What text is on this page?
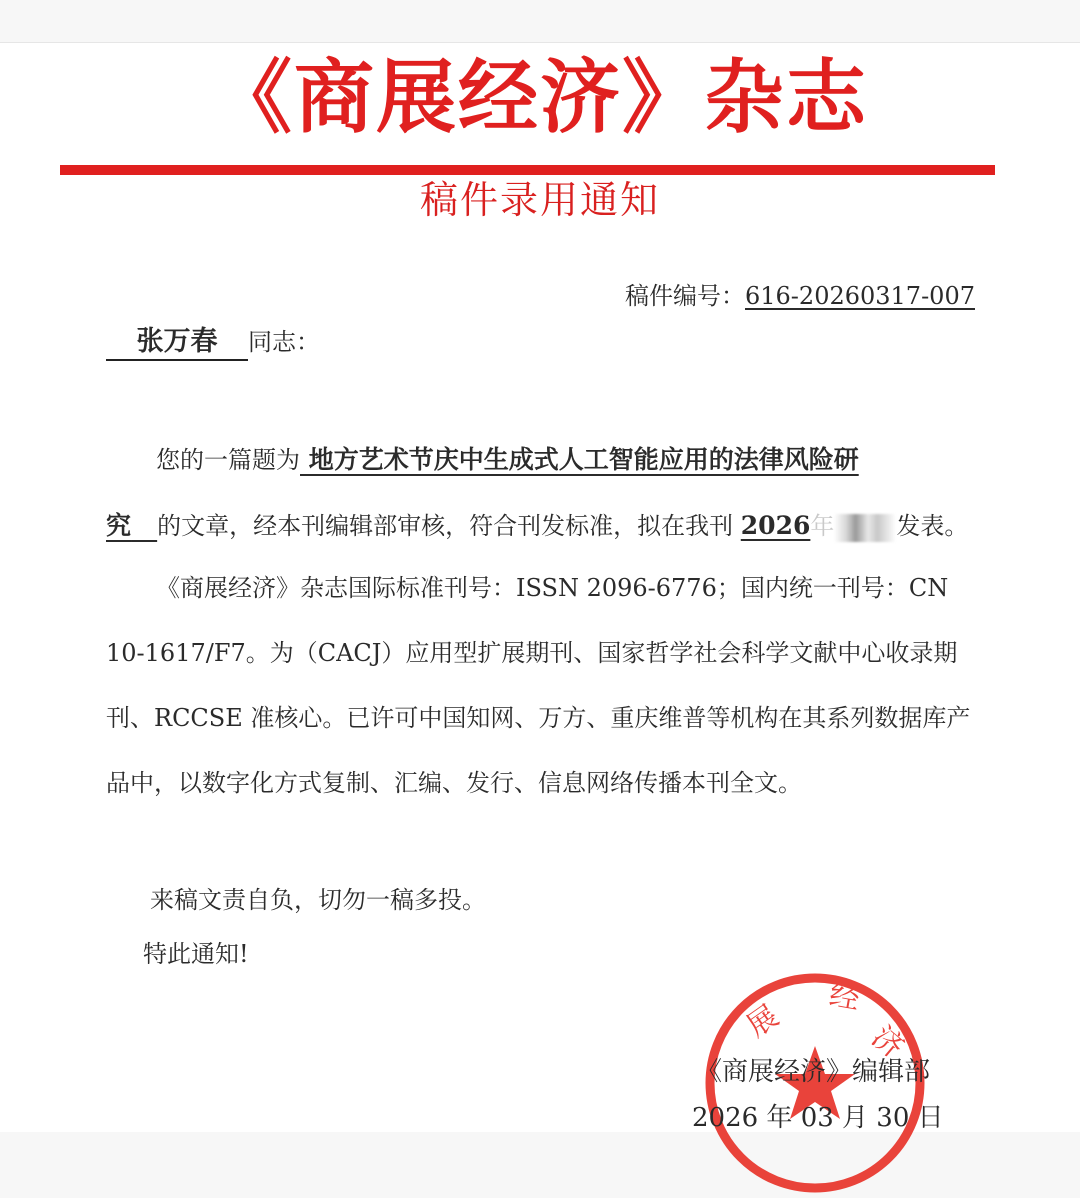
《商展经济》杂志
稿件录用通知
稿件编号：616-20260317-007
张万春 同志：
您的一篇题为 地方艺术节庆中生成式人工智能应用的法律风险研
究 的文章，经本刊编辑部审核，符合刊发标准，拟在我刊 2026年	发表。
《商展经济》杂志国际标准刊号：ISSN 2096-6776；国内统一刊号：CN 10-1617/F7。为（CACJ）应用型扩展期刊、国家哲学社会科学文献中心收录期刊、RCCSE 准核心。已许可中国知网、万方、重庆维普等机构在其系列数据库产品中，以数字化方式复制、汇编、发行、信息网络传播本刊全文。
来稿文责自负，切勿一稿多投。
特此通知!
展
经
济
《商展经济》编辑部
2026 年 03 月 30 日
